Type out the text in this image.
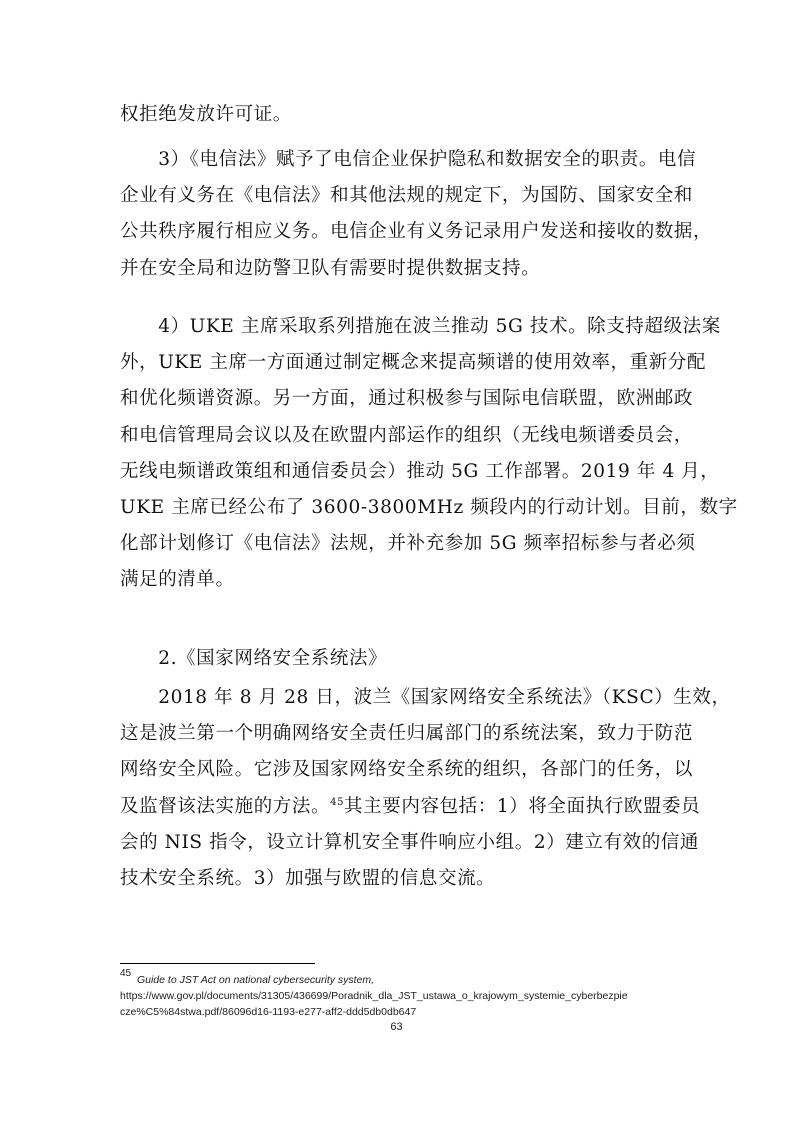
权拒绝发放许可证。

　　3）《电信法》赋予了电信企业保护隐私和数据安全的职责。电信
企业有义务在《电信法》和其他法规的规定下，为国防、国家安全和
公共秩序履行相应义务。电信企业有义务记录用户发送和接收的数据，
并在安全局和边防警卫队有需要时提供数据支持。

　　4）UKE 主席采取系列措施在波兰推动 5G 技术。除支持超级法案
外，UKE 主席一方面通过制定概念来提高频谱的使用效率，重新分配
和优化频谱资源。另一方面，通过积极参与国际电信联盟，欧洲邮政
和电信管理局会议以及在欧盟内部运作的组织（无线电频谱委员会，
无线电频谱政策组和通信委员会）推动 5G 工作部署。2019 年 4 月，
UKE 主席已经公布了 3600-3800MHz 频段内的行动计划。目前，数字
化部计划修订《电信法》法规，并补充参加 5G 频率招标参与者必须
满足的清单。

　　2.《国家网络安全系统法》

　　2018 年 8 月 28 日，波兰《国家网络安全系统法》（KSC）生效，
这是波兰第一个明确网络安全责任归属部门的系统法案，致力于防范
网络安全风险。它涉及国家网络安全系统的组织，各部门的任务，以
及监督该法实施的方法。$^{45}$其主要内容包括：1）将全面执行欧盟委员
会的 NIS 指令，设立计算机安全事件响应小组。2）建立有效的信通
技术安全系统。3）加强与欧盟的信息交流。

$^{45}$  Guide to JST Act on national cybersecurity system,
https://www.gov.pl/documents/31305/436699/Poradnik_dla_JST_ustawa_o_krajowym_systemie_cyberbezpie
cze%C5%84stwa.pdf/86096d16-1193-e277-aff2-ddd5db0db647
63
